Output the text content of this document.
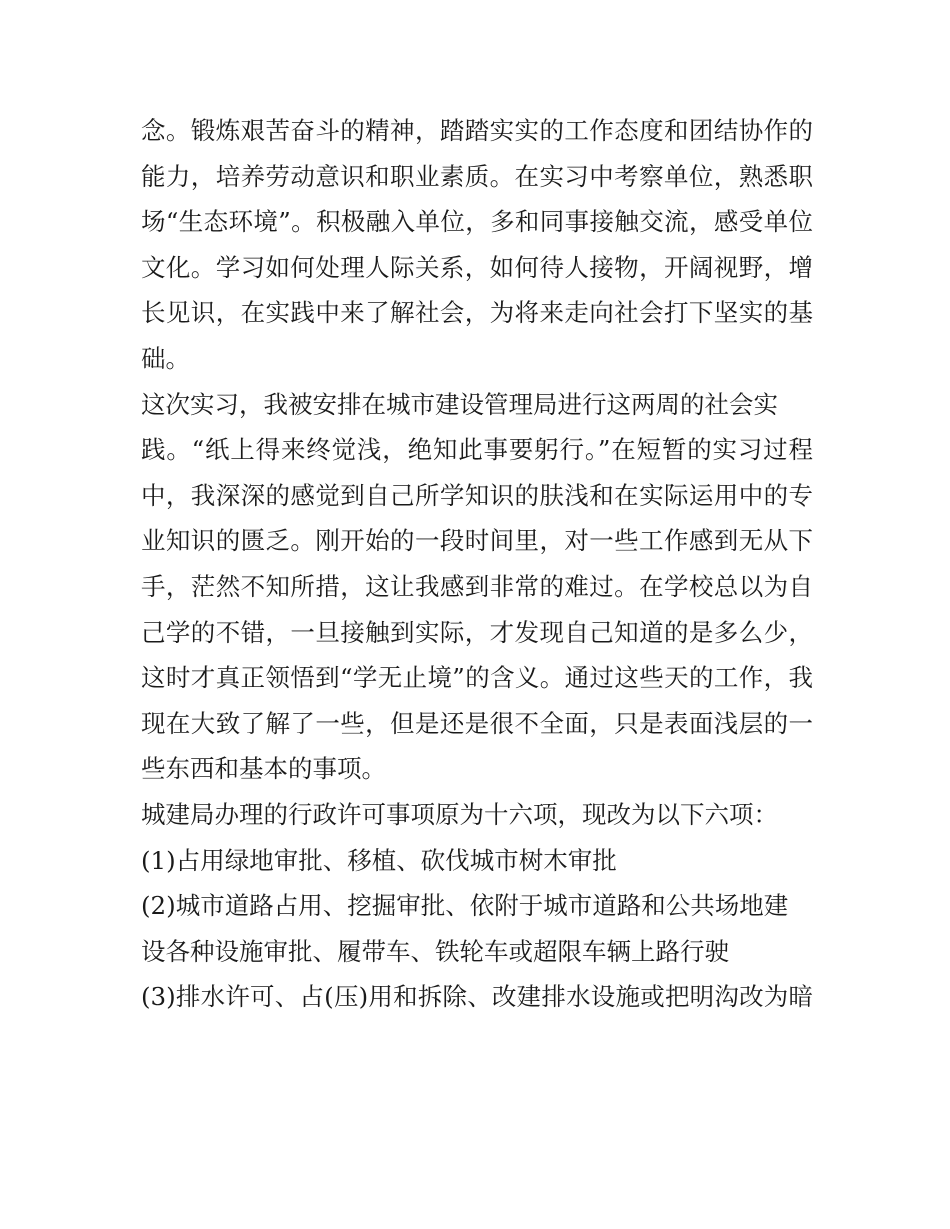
念。锻炼艰苦奋斗的精神，踏踏实实的工作态度和团结协作的
能力，培养劳动意识和职业素质。在实习中考察单位，熟悉职
场“生态环境”。积极融入单位，多和同事接触交流，感受单位
文化。学习如何处理人际关系，如何待人接物，开阔视野，增
长见识，在实践中来了解社会，为将来走向社会打下坚实的基
础。
这次实习，我被安排在城市建设管理局进行这两周的社会实
践。“纸上得来终觉浅，绝知此事要躬行。”在短暂的实习过程
中，我深深的感觉到自己所学知识的肤浅和在实际运用中的专
业知识的匮乏。刚开始的一段时间里，对一些工作感到无从下
手，茫然不知所措，这让我感到非常的难过。在学校总以为自
己学的不错，一旦接触到实际，才发现自己知道的是多么少，
这时才真正领悟到“学无止境”的含义。通过这些天的工作，我
现在大致了解了一些，但是还是很不全面，只是表面浅层的一
些东西和基本的事项。
城建局办理的行政许可事项原为十六项，现改为以下六项：
(1)占用绿地审批、移植、砍伐城市树木审批
(2)城市道路占用、挖掘审批、依附于城市道路和公共场地建
设各种设施审批、履带车、铁轮车或超限车辆上路行驶
(3)排水许可、占(压)用和拆除、改建排水设施或把明沟改为暗
